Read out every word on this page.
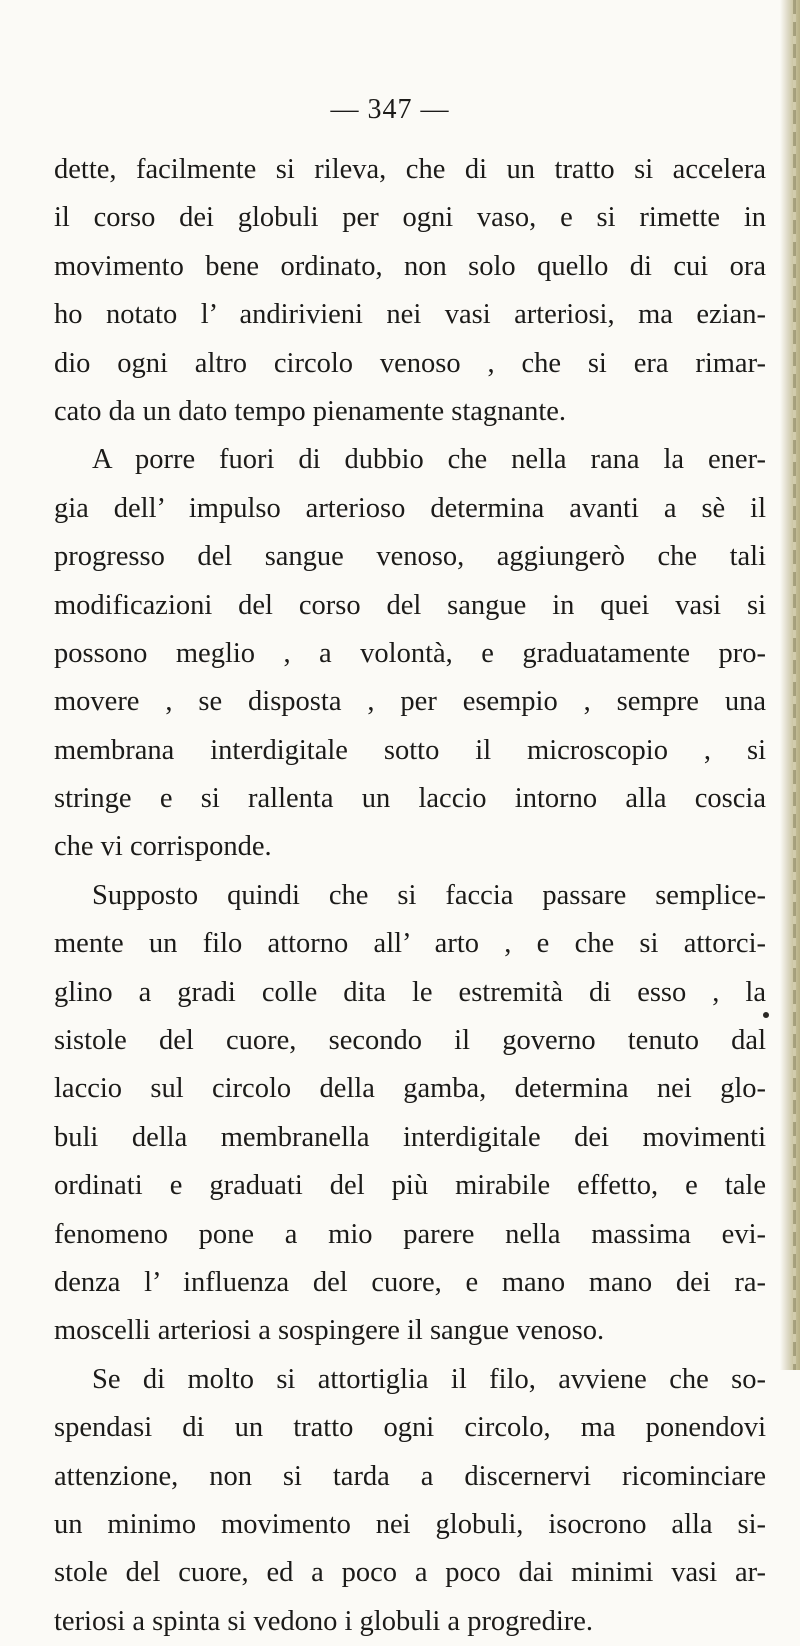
— 347 —
dette, facilmente si rileva, che di un tratto si accelera
il corso dei globuli per ogni vaso, e si rimette in
movimento bene ordinato, non solo quello di cui ora
ho notato l’ andirivieni nei vasi arteriosi, ma ezian-
dio ogni altro circolo venoso , che si era rimar-
cato da un dato tempo pienamente stagnante.
A porre fuori di dubbio che nella rana la ener-
gia dell’ impulso arterioso determina avanti a sè il
progresso del sangue venoso, aggiungerò che tali
modificazioni del corso del sangue in quei vasi si
possono meglio , a volontà, e graduatamente pro-
movere , se disposta , per esempio , sempre una
membrana interdigitale sotto il microscopio , si
stringe e si rallenta un laccio intorno alla coscia
che vi corrisponde.
Supposto quindi che si faccia passare semplice-
mente un filo attorno all’ arto , e che si attorci-
glino a gradi colle dita le estremità di esso , la
sistole del cuore, secondo il governo tenuto dal
laccio sul circolo della gamba, determina nei glo-
buli della membranella interdigitale dei movimenti
ordinati e graduati del più mirabile effetto, e tale
fenomeno pone a mio parere nella massima evi-
denza l’ influenza del cuore, e mano mano dei ra-
moscelli arteriosi a sospingere il sangue venoso.
Se di molto si attortiglia il filo, avviene che so-
spendasi di un tratto ogni circolo, ma ponendovi
attenzione, non si tarda a discernervi ricominciare
un minimo movimento nei globuli, isocrono alla si-
stole del cuore, ed a poco a poco dai minimi vasi ar-
teriosi a spinta si vedono i globuli a progredire.
